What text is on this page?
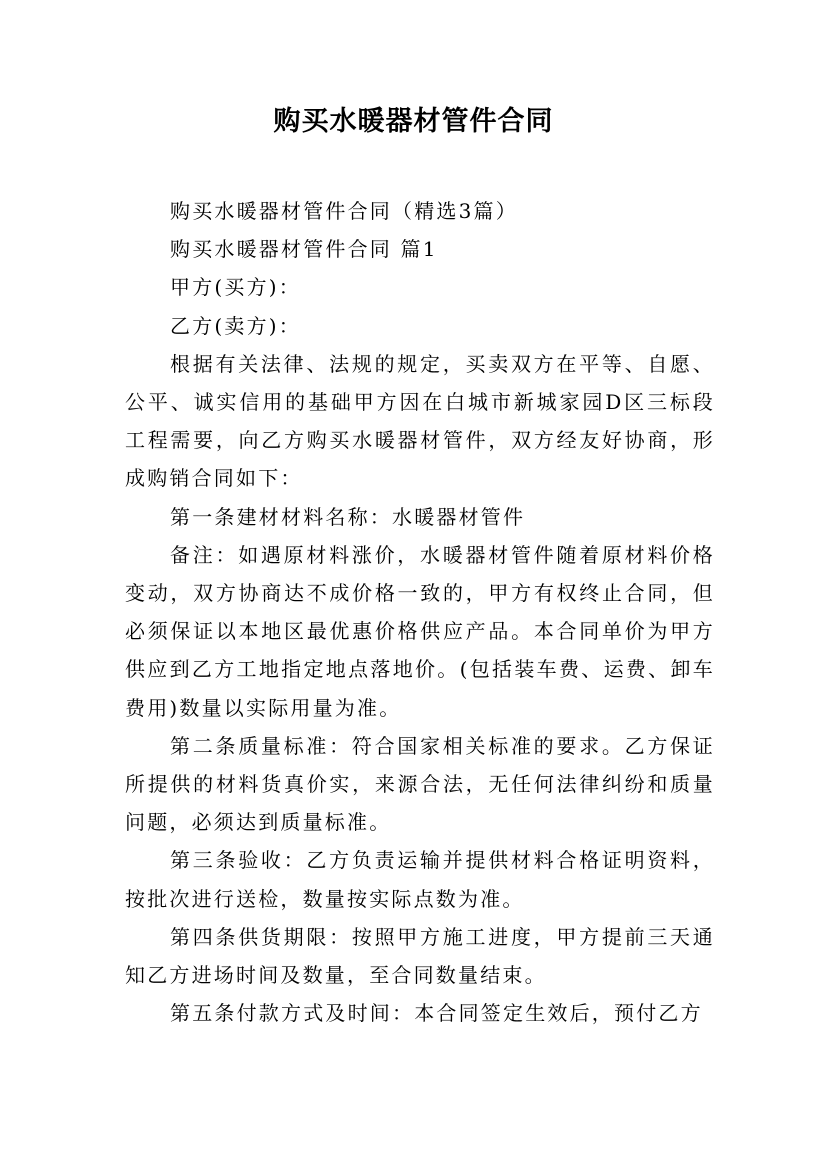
购买水暖器材管件合同

购买水暖器材管件合同（精选3篇）

购买水暖器材管件合同 篇1

甲方(买方)：

乙方(卖方)：

根据有关法律、法规的规定，买卖双方在平等、自愿、公平、诚实信用的基础甲方因在白城市新城家园D区三标段工程需要，向乙方购买水暖器材管件，双方经友好协商，形成购销合同如下：

第一条建材材料名称：水暖器材管件

备注：如遇原材料涨价，水暖器材管件随着原材料价格变动，双方协商达不成价格一致的，甲方有权终止合同，但必须保证以本地区最优惠价格供应产品。本合同单价为甲方供应到乙方工地指定地点落地价。(包括装车费、运费、卸车费用)数量以实际用量为准。

第二条质量标准：符合国家相关标准的要求。乙方保证所提供的材料货真价实，来源合法，无任何法律纠纷和质量问题，必须达到质量标准。

第三条验收：乙方负责运输并提供材料合格证明资料，按批次进行送检，数量按实际点数为准。

第四条供货期限：按照甲方施工进度，甲方提前三天通知乙方进场时间及数量，至合同数量结束。

第五条付款方式及时间：本合同签定生效后，预付乙方
